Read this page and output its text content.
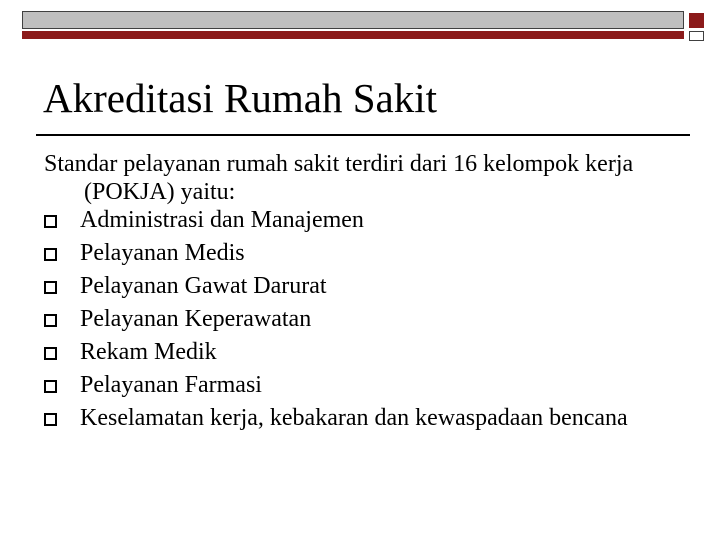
Akreditasi Rumah Sakit
Standar pelayanan rumah sakit terdiri dari 16 kelompok kerja (POKJA) yaitu:
Administrasi dan Manajemen
Pelayanan Medis
Pelayanan Gawat Darurat
Pelayanan Keperawatan
Rekam Medik
Pelayanan Farmasi
Keselamatan kerja, kebakaran dan kewaspadaan bencana
